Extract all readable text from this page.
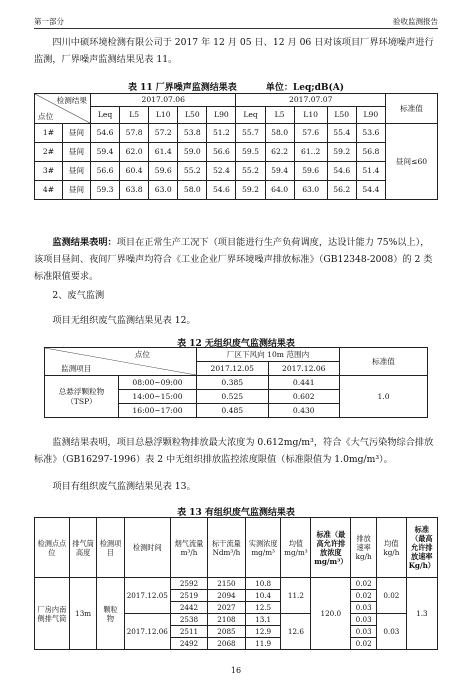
第一部分	验收监测报告

四川中硕环境检测有限公司于 2017 年 12 月 05 日、12 月 06 日对该项目厂界环境噪声进行监测，厂界噪声监测结果见表 11。

表 11 厂界噪声监测结果表	单位：Leq;dB(A)
检测结果
点位		2017.07.06					2017.07.07					标准值
		Leq	L5	L10	L50	L90	Leq	L5	L10	L50	L90	
1#	昼间	54.6	57.8	57.2	53.8	51.2	55.7	58.0	57.6	55.4	53.6	昼间≤60
2#	昼间	59.4	62.0	61.4	59.0	56.6	59.5	62.2	61..2	59.2	56.8	
3#	昼间	56.6	60.4	59.6	55.2	52.4	55.2	59.4	59.6	54.6	51.4	
4#	昼间	59.3	63.8	63.0	58.0	54.6	59.2	64.0	63.0	56.2	54.4	

监测结果表明：项目在正常生产工况下（项目能进行生产负荷调度，达设计能力 75%以上），该项目昼间、夜间厂界噪声均符合《工业企业厂界环境噪声排放标准》（GB12348-2008）的 2 类标准限值要求。

2、废气监测

项目无组织废气监测结果见表 12。

表 12 无组织废气监测结果表
点位
监测项目		厂区下风向 10m 范围内		标准值
		2017.12.05	2017.12.06	
总悬浮颗粒物（TSP）	08:00~09:00	0.385	0.441	1.0
	14:00~15:00	0.525	0.602	
	16:00~17:00	0.485	0.430	

监测结果表明，项目总悬浮颗粒物排放最大浓度为 0.612mg/m³，符合《大气污染物综合排放标准》（GB16297-1996）表 2 中无组织排放监控浓度限值（标准限值为 1.0mg/m³）。

项目有组织废气监测结果见表 13。

表 13 有组织废气监测结果表
检测点点位	排气筒高度	检测项目	检测时间	烟气流量 m³/h	标干流量 Ndm³/h	实测浓度 mg/m³	均值 mg/m³	标准（最高允许排放浓度mg/m³）	排放速率 kg/h	均值 kg/h	标准（最高允许排放速率 Kg/h）
厂房内南侧排气筒	13m	颗粒物	2017.12.05	2592	2150	10.8	11.2	120.0	0.02	0.02	1.3
				2519	2094	10.4			0.02		
				2442	2027	12.5			0.03		
			2017.12.06	2538	2108	13.1	12.6		0.03	0.03	
				2511	2085	12.9			0.03		
				2492	2068	11.9			0.02		
16
